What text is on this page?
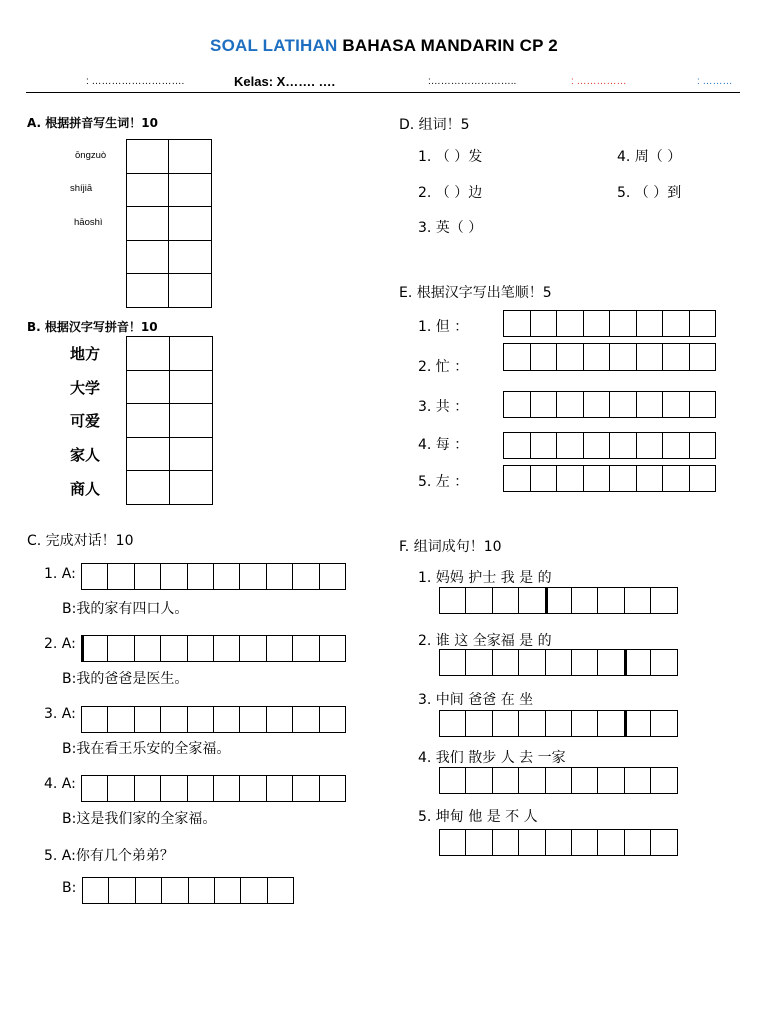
SOAL LATIHAN BAHASA MANDARIN CP 2
: ……………………….	Kelas: X……. ….	:……………………..	: ……………	: ………
A. 根据拼音写生词！10
ōngzuò
shíjiā
hāoshì
B. 根据汉字写拼音！10
地方
大学
可爱
家人
商人
C. 完成对话！10
1. A:
B:我的家有四口人。
2. A:
B:我的爸爸是医生。
3. A:
B:我在看王乐安的全家福。
4. A:
B:这是我们家的全家福。
5. A:你有几个弟弟？
B:
D. 组词！5
1. （ ）发
2. （ ）边
3. 英（ ）
4. 周（ ）
5. （ ）到
E. 根据汉字写出笔顺！5
1. 但 ：
2. 忙 ：
3. 共 ：
4. 每 ：
5. 左 ：
F. 组词成句！10
1. 妈妈 护士 我 是 的
2. 谁 这 全家福 是 的
3. 中间 爸爸 在 坐
4. 我们 散步 人 去 一家
5. 坤甸 他 是 不 人
